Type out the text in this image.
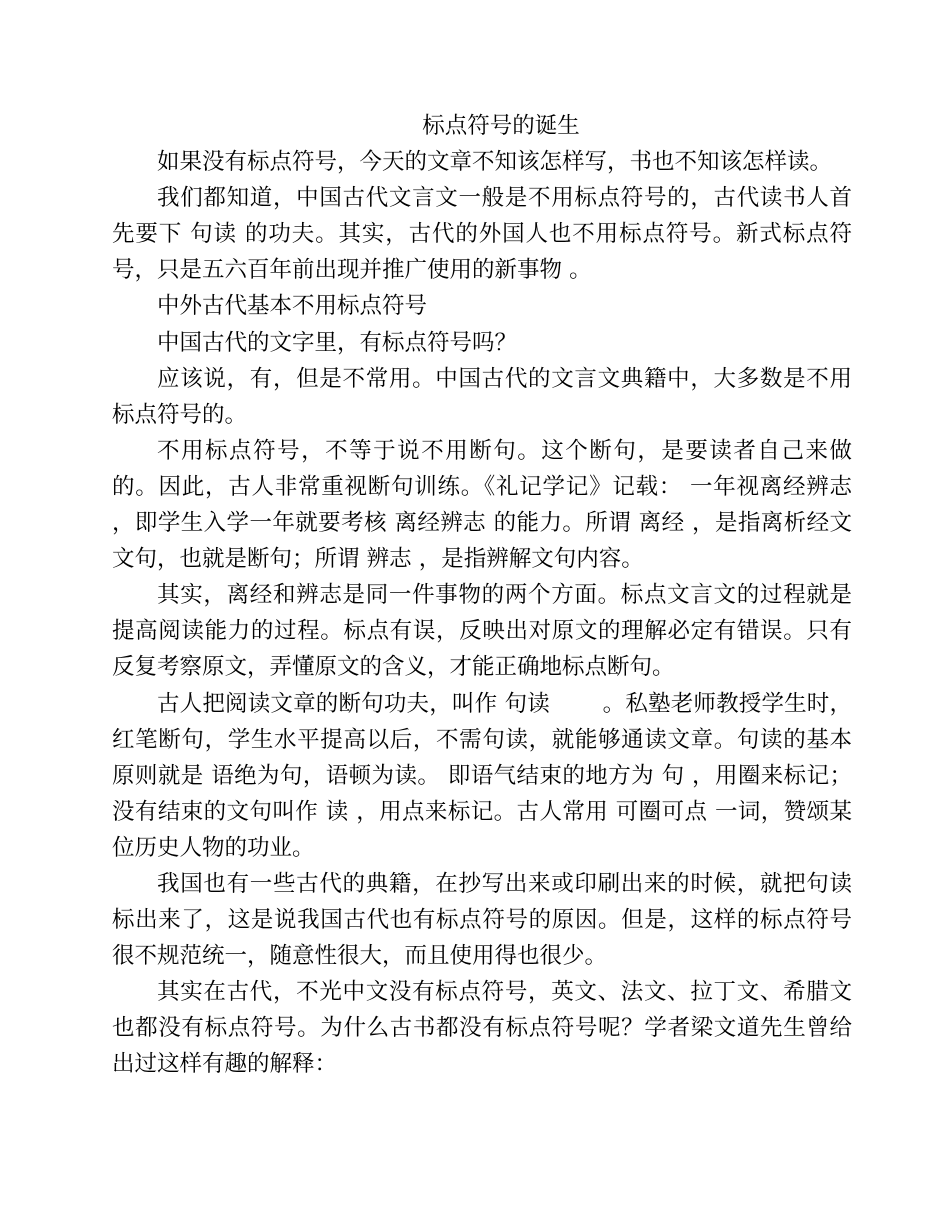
标点符号的诞生

如果没有标点符号，今天的文章不知该怎样写，书也不知该怎样读。

我们都知道，中国古代文言文一般是不用标点符号的，古代读书人首先要下 句读 的功夫。其实，古代的外国人也不用标点符号。新式标点符号，只是五六百年前出现并推广使用的新事物 。

中外古代基本不用标点符号

中国古代的文字里，有标点符号吗？

应该说，有，但是不常用。中国古代的文言文典籍中，大多数是不用标点符号的。

不用标点符号，不等于说不用断句。这个断句，是要读者自己来做的。因此，古人非常重视断句训练。《礼记学记》记载： 一年视离经辨志 ，即学生入学一年就要考核 离经辨志 的能力。所谓 离经 ，是指离析经文文句，也就是断句；所谓 辨志 ，是指辨解文句内容。

其实，离经和辨志是同一件事物的两个方面。标点文言文的过程就是提高阅读能力的过程。标点有误，反映出对原文的理解必定有错误。只有反复考察原文，弄懂原文的含义，才能正确地标点断句。

古人把阅读文章的断句功夫，叫作 句读　　 。私塾老师教授学生时，红笔断句，学生水平提高以后，不需句读，就能够通读文章。句读的基本原则就是 语绝为句，语顿为读。 即语气结束的地方为 句 ，用圈来标记；没有结束的文句叫作 读 ，用点来标记。古人常用 可圈可点 一词，赞颂某位历史人物的功业。

我国也有一些古代的典籍，在抄写出来或印刷出来的时候，就把句读标出来了，这是说我国古代也有标点符号的原因。但是，这样的标点符号很不规范统一，随意性很大，而且使用得也很少。

其实在古代，不光中文没有标点符号，英文、法文、拉丁文、希腊文也都没有标点符号。为什么古书都没有标点符号呢？学者梁文道先生曾给出过这样有趣的解释：
